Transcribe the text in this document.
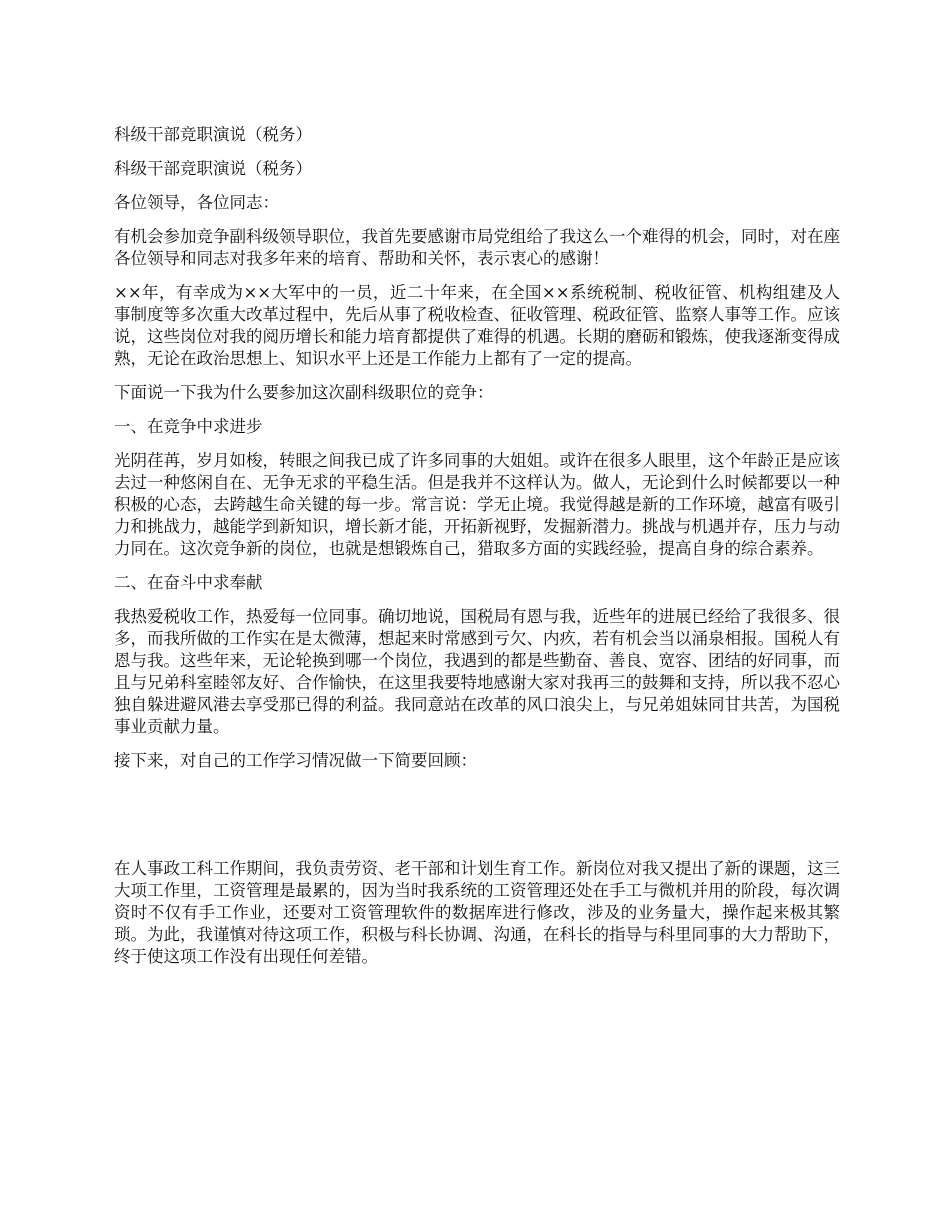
科级干部竞职演说（税务）

科级干部竞职演说（税务）

各位领导，各位同志：

有机会参加竞争副科级领导职位，我首先要感谢市局党组给了我这么一个难得的机会，同时，对在座各位领导和同志对我多年来的培育、帮助和关怀，表示衷心的感谢！

××年，有幸成为××大军中的一员，近二十年来，在全国××系统税制、税收征管、机构组建及人事制度等多次重大改革过程中，先后从事了税收检查、征收管理、税政征管、监察人事等工作。应该说，这些岗位对我的阅历增长和能力培育都提供了难得的机遇。长期的磨砺和锻炼，使我逐渐变得成熟，无论在政治思想上、知识水平上还是工作能力上都有了一定的提高。

下面说一下我为什么要参加这次副科级职位的竞争：

一、在竞争中求进步

光阴荏苒，岁月如梭，转眼之间我已成了许多同事的大姐姐。或许在很多人眼里，这个年龄正是应该去过一种悠闲自在、无争无求的平稳生活。但是我并不这样认为。做人，无论到什么时候都要以一种积极的心态，去跨越生命关键的每一步。常言说：学无止境。我觉得越是新的工作环境，越富有吸引力和挑战力，越能学到新知识，增长新才能，开拓新视野，发掘新潜力。挑战与机遇并存，压力与动力同在。这次竞争新的岗位，也就是想锻炼自己，猎取多方面的实践经验，提高自身的综合素养。

二、在奋斗中求奉献

我热爱税收工作，热爱每一位同事。确切地说，国税局有恩与我，近些年的进展已经给了我很多、很多，而我所做的工作实在是太微薄，想起来时常感到亏欠、内疚，若有机会当以涌泉相报。国税人有恩与我。这些年来，无论轮换到哪一个岗位，我遇到的都是些勤奋、善良、宽容、团结的好同事，而且与兄弟科室睦邻友好、合作愉快，在这里我要特地感谢大家对我再三的鼓舞和支持，所以我不忍心独自躲进避风港去享受那已得的利益。我同意站在改革的风口浪尖上，与兄弟姐妹同甘共苦，为国税事业贡献力量。

接下来，对自己的工作学习情况做一下简要回顾：

在人事政工科工作期间，我负责劳资、老干部和计划生育工作。新岗位对我又提出了新的课题，这三大项工作里，工资管理是最累的，因为当时我系统的工资管理还处在手工与微机并用的阶段，每次调资时不仅有手工作业，还要对工资管理软件的数据库进行修改，涉及的业务量大，操作起来极其繁琐。为此，我谨慎对待这项工作，积极与科长协调、沟通，在科长的指导与科里同事的大力帮助下，终于使这项工作没有出现任何差错。
